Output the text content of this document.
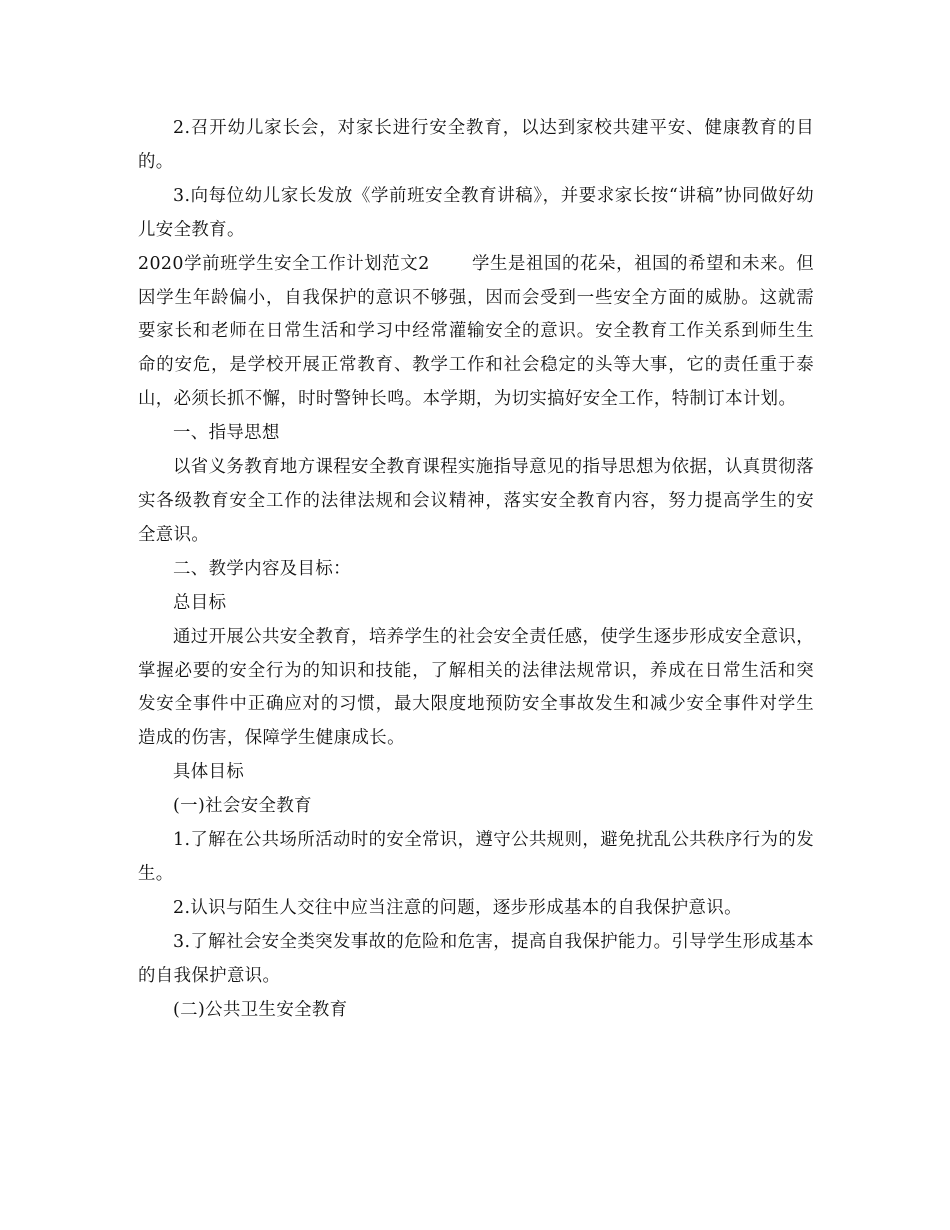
2.召开幼儿家长会，对家长进行安全教育，以达到家校共建平安、健康教育的目的。

3.向每位幼儿家长发放《学前班安全教育讲稿》，并要求家长按“讲稿”协同做好幼儿安全教育。

2020学前班学生安全工作计划范文2 学生是祖国的花朵，祖国的希望和未来。但因学生年龄偏小，自我保护的意识不够强，因而会受到一些安全方面的威胁。这就需要家长和老师在日常生活和学习中经常灌输安全的意识。安全教育工作关系到师生生命的安危，是学校开展正常教育、教学工作和社会稳定的头等大事，它的责任重于泰山，必须长抓不懈，时时警钟长鸣。本学期，为切实搞好安全工作，特制订本计划。

一、指导思想

以省义务教育地方课程安全教育课程实施指导意见的指导思想为依据，认真贯彻落实各级教育安全工作的法律法规和会议精神，落实安全教育内容，努力提高学生的安全意识。

二、教学内容及目标：

总目标

通过开展公共安全教育，培养学生的社会安全责任感，使学生逐步形成安全意识，掌握必要的安全行为的知识和技能，了解相关的法律法规常识，养成在日常生活和突发安全事件中正确应对的习惯，最大限度地预防安全事故发生和减少安全事件对学生造成的伤害，保障学生健康成长。

具体目标

(一)社会安全教育

1.了解在公共场所活动时的安全常识，遵守公共规则，避免扰乱公共秩序行为的发生。

2.认识与陌生人交往中应当注意的问题，逐步形成基本的自我保护意识。

3.了解社会安全类突发事故的危险和危害，提高自我保护能力。引导学生形成基本的自我保护意识。

(二)公共卫生安全教育
